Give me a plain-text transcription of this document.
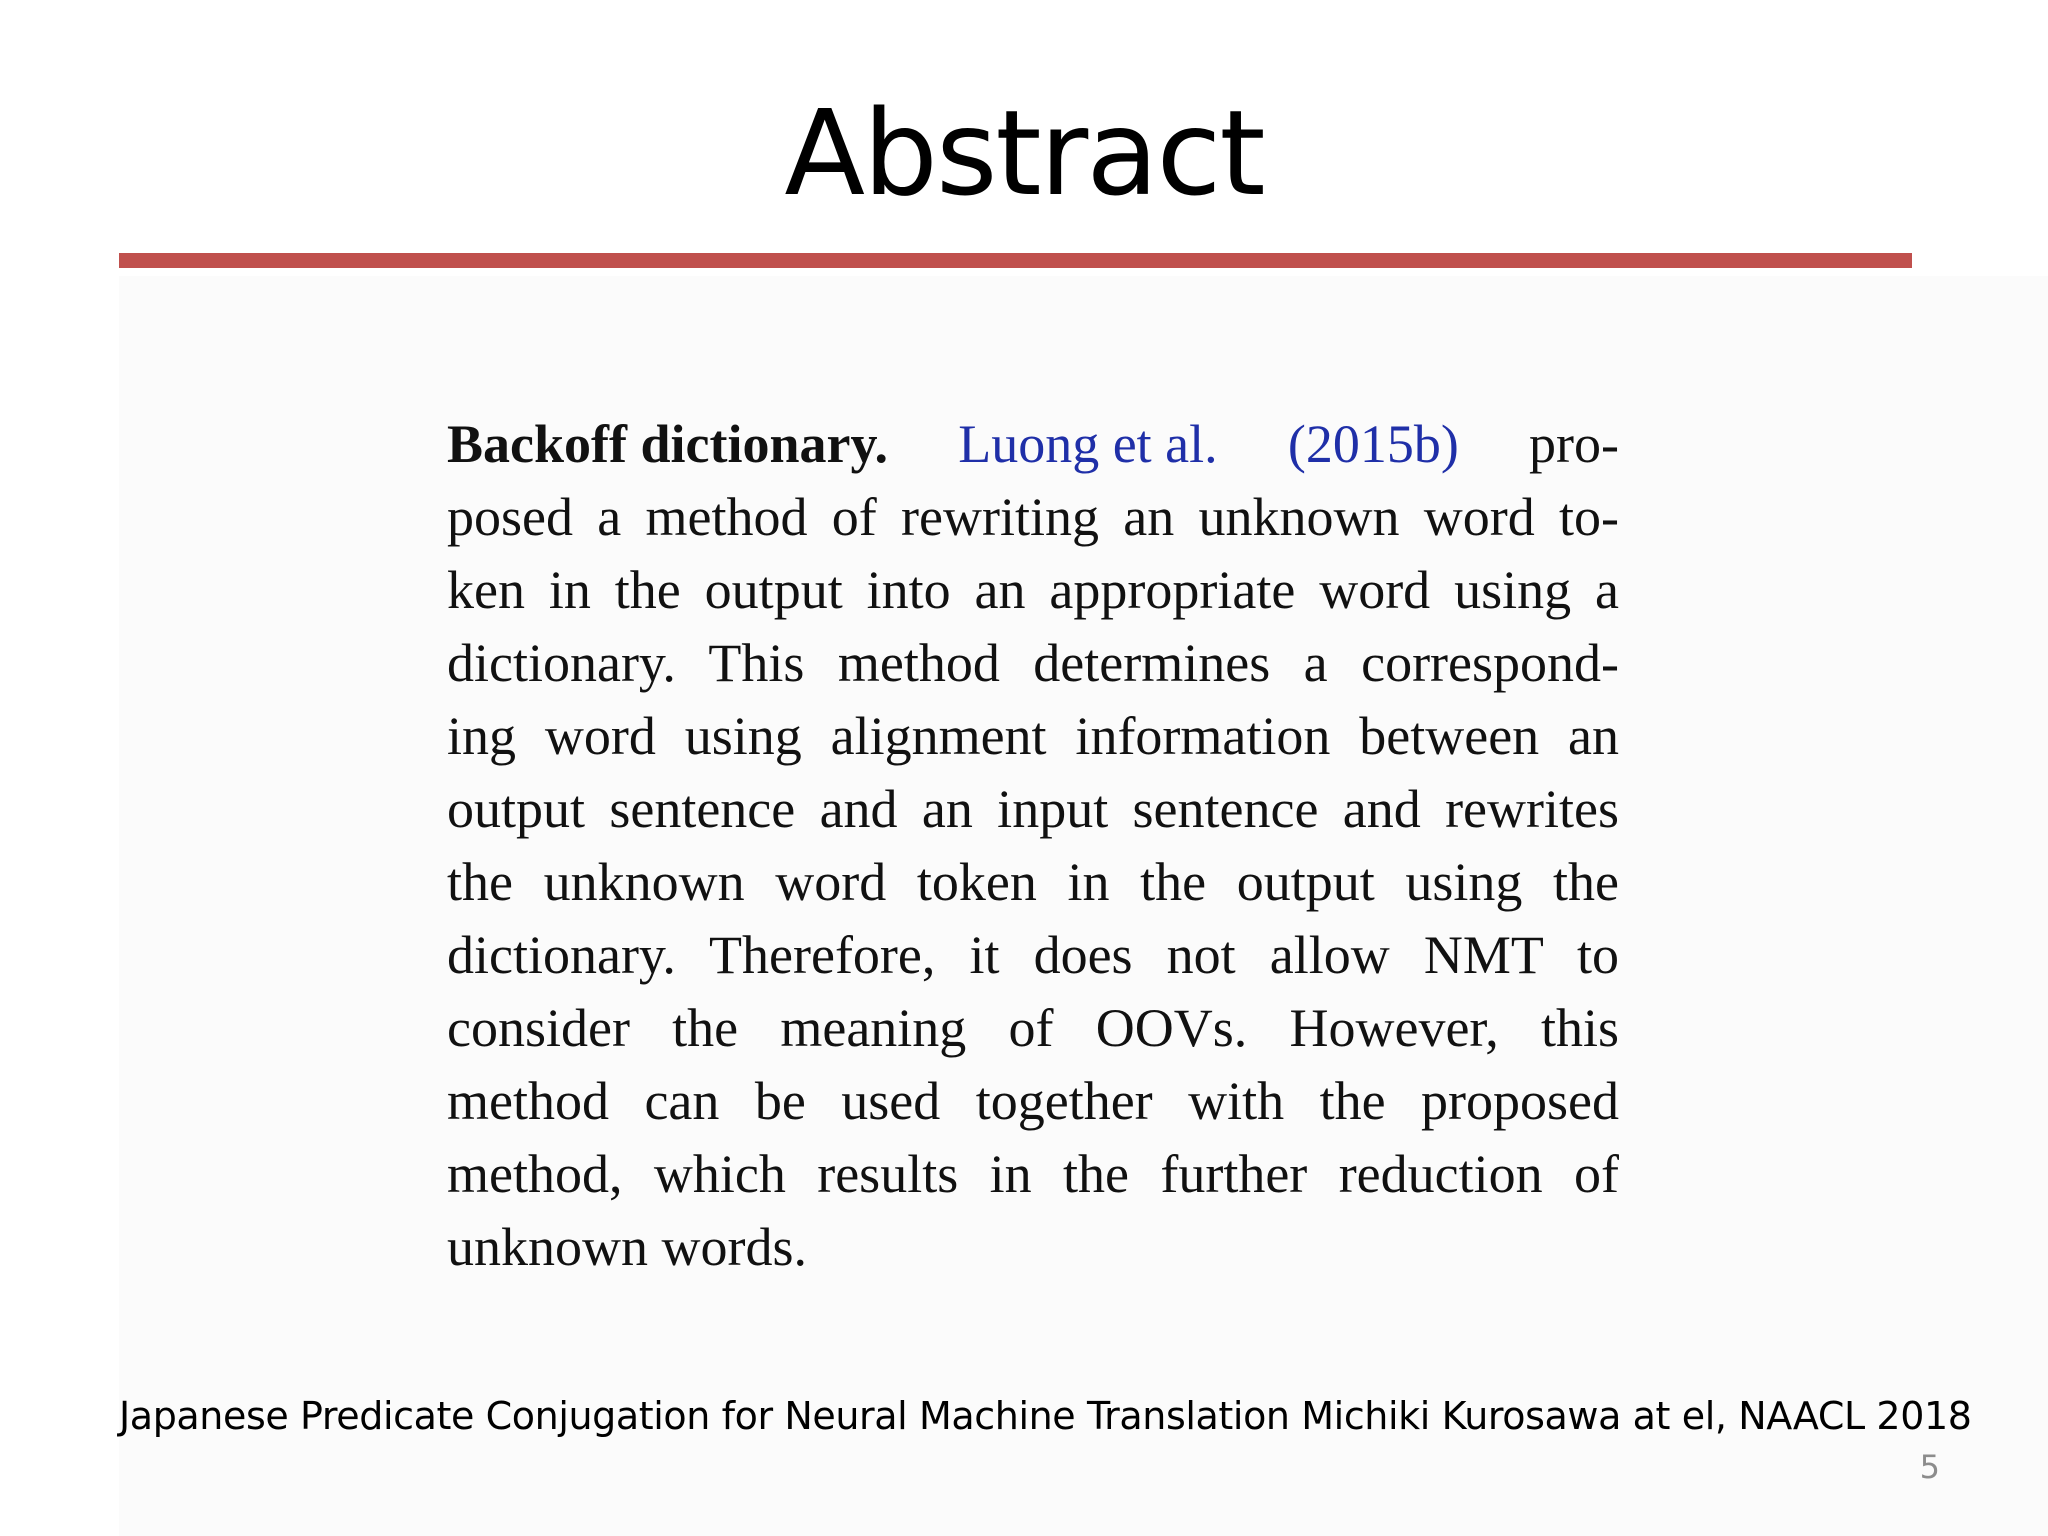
Abstract
Backoff dictionary. Luong et al. (2015b) pro-
posed a method of rewriting an unknown word to-
ken in the output into an appropriate word using a
dictionary. This method determines a correspond-
ing word using alignment information between an
output sentence and an input sentence and rewrites
the unknown word token in the output using the
dictionary. Therefore, it does not allow NMT to
consider the meaning of OOVs. However, this
method can be used together with the proposed
method, which results in the further reduction of
unknown words.
Japanese Predicate Conjugation for Neural Machine Translation Michiki Kurosawa at el, NAACL 2018
5
